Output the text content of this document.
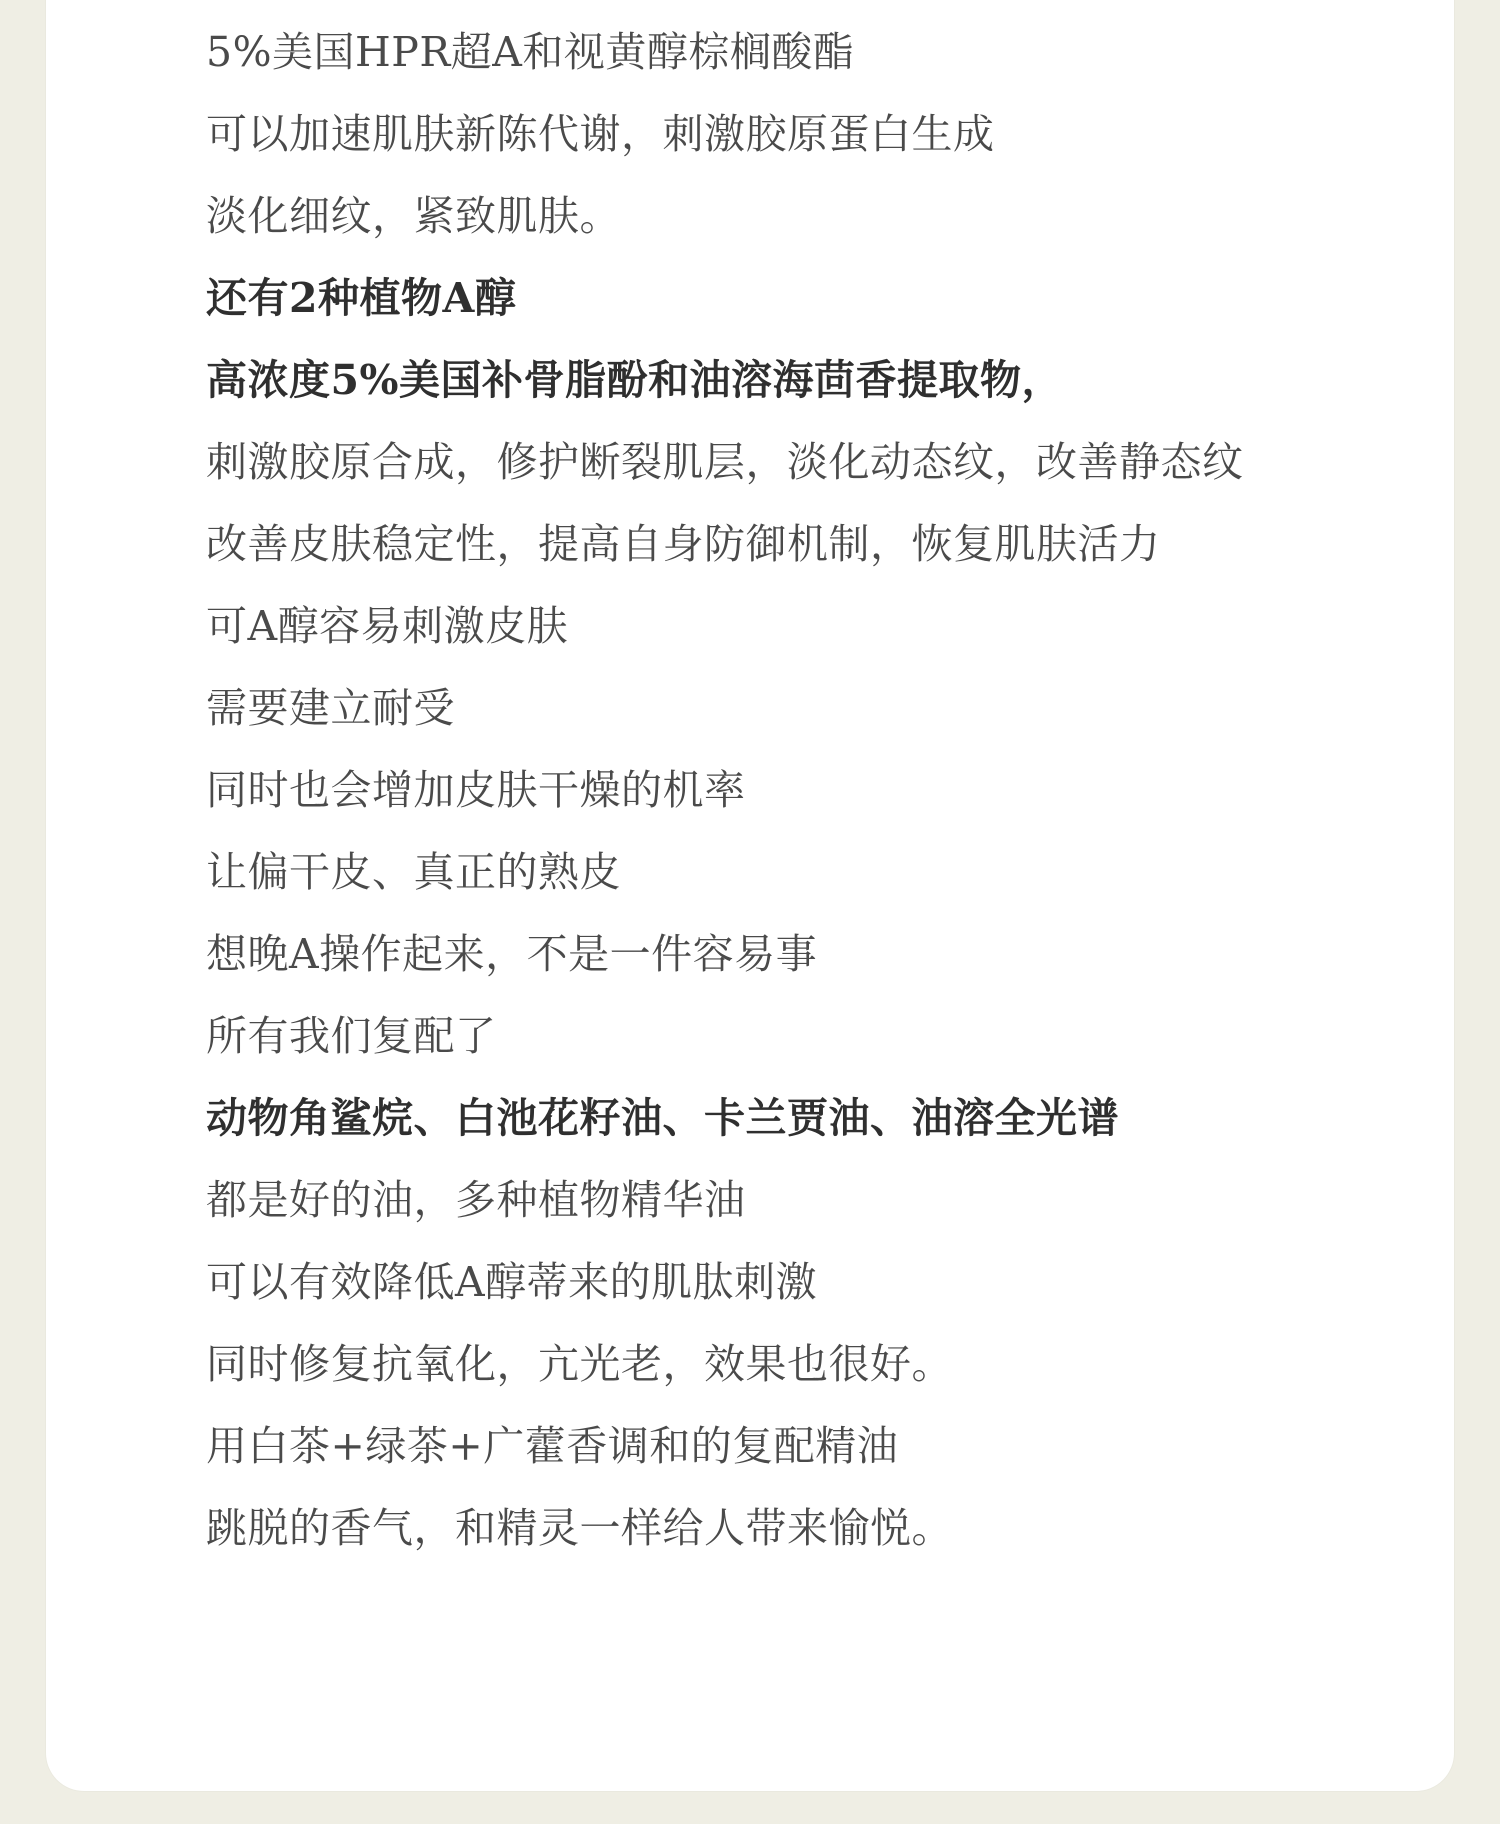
5%美国HPR超A和视黄醇棕榈酸酯
可以加速肌肤新陈代谢，刺激胶原蛋白生成
淡化细纹，紧致肌肤。
还有2种植物A醇
高浓度5%美国补骨脂酚和油溶海茴香提取物，
刺激胶原合成，修护断裂肌层，淡化动态纹，改善静态纹
改善皮肤稳定性，提高自身防御机制，恢复肌肤活力
可A醇容易刺激皮肤
需要建立耐受
同时也会增加皮肤干燥的机率
让偏干皮、真正的熟皮
想晚A操作起来，不是一件容易事
所有我们复配了
动物角鲨烷、白池花籽油、卡兰贾油、油溶全光谱
都是好的油，多种植物精华油
可以有效降低A醇蒂来的肌肽刺激
同时修复抗氧化，亢光老，效果也很好。
用白茶+绿茶+广藿香调和的复配精油
跳脱的香气，和精灵一样给人带来愉悦。
